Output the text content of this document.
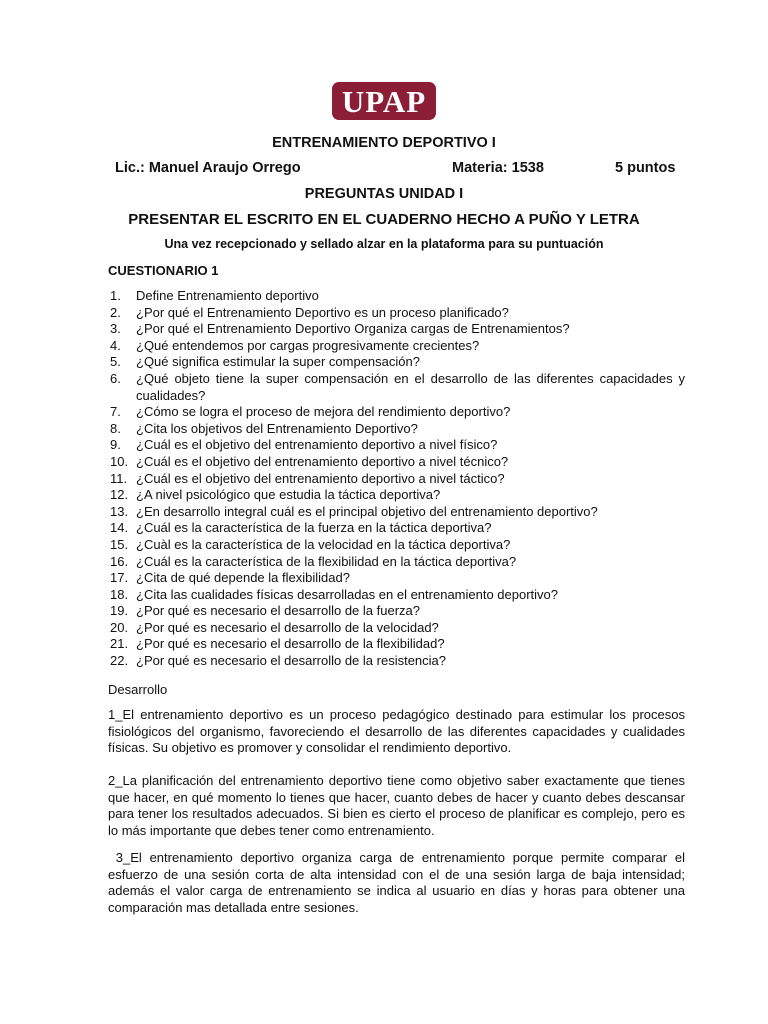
UPAP
ENTRENAMIENTO DEPORTIVO I
Lic.: Manuel Araujo Orrego	Materia: 1538	5 puntos
PREGUNTAS UNIDAD I
PRESENTAR EL ESCRITO EN EL CUADERNO HECHO A PUÑO Y LETRA
Una vez recepcionado y sellado alzar en la plataforma para su puntuación
CUESTIONARIO 1
1. Define Entrenamiento deportivo
2. ¿Por qué el Entrenamiento Deportivo es un proceso planificado?
3. ¿Por qué el Entrenamiento Deportivo Organiza cargas de Entrenamientos?
4. ¿Qué entendemos por cargas progresivamente crecientes?
5. ¿Qué significa estimular la super compensación?
6. ¿Qué objeto tiene la super compensación en el desarrollo de las diferentes capacidades y cualidades?
7. ¿Cómo se logra el proceso de mejora del rendimiento deportivo?
8. ¿Cita los objetivos del Entrenamiento Deportivo?
9. ¿Cuál es el objetivo del entrenamiento deportivo a nivel físico?
10. ¿Cuál es el objetivo del entrenamiento deportivo a nivel técnico?
11. ¿Cuál es el objetivo del entrenamiento deportivo a nivel táctico?
12. ¿A nivel psicológico que estudia la táctica deportiva?
13. ¿En desarrollo integral cuál es el principal objetivo del entrenamiento deportivo?
14. ¿Cuál es la característica de la fuerza en la táctica deportiva?
15. ¿Cuàl es la característica de la velocidad en la táctica deportiva?
16. ¿Cuál es la característica de la flexibilidad en la táctica deportiva?
17. ¿Cita de qué depende la flexibilidad?
18. ¿Cita las cualidades físicas desarrolladas en el entrenamiento deportivo?
19. ¿Por qué es necesario el desarrollo de la fuerza?
20. ¿Por qué es necesario el desarrollo de la velocidad?
21. ¿Por qué es necesario el desarrollo de la flexibilidad?
22. ¿Por qué es necesario el desarrollo de la resistencia?
Desarrollo

1_El entrenamiento deportivo es un proceso pedagógico destinado para estimular los procesos fisiológicos del organismo, favoreciendo el desarrollo de las diferentes capacidades y cualidades físicas. Su objetivo es promover y consolidar el rendimiento deportivo.

2_La planificación del entrenamiento deportivo tiene como objetivo saber exactamente que tienes que hacer, en qué momento lo tienes que hacer, cuanto debes de hacer y cuanto debes descansar para tener los resultados adecuados. Si bien es cierto el proceso de planificar es complejo, pero es lo más importante que debes tener como entrenamiento.

3_El entrenamiento deportivo organiza carga de entrenamiento porque permite comparar el esfuerzo de una sesión corta de alta intensidad con el de una sesión larga de baja intensidad; además el valor carga de entrenamiento se indica al usuario en días y horas para obtener una comparación mas detallada entre sesiones.
